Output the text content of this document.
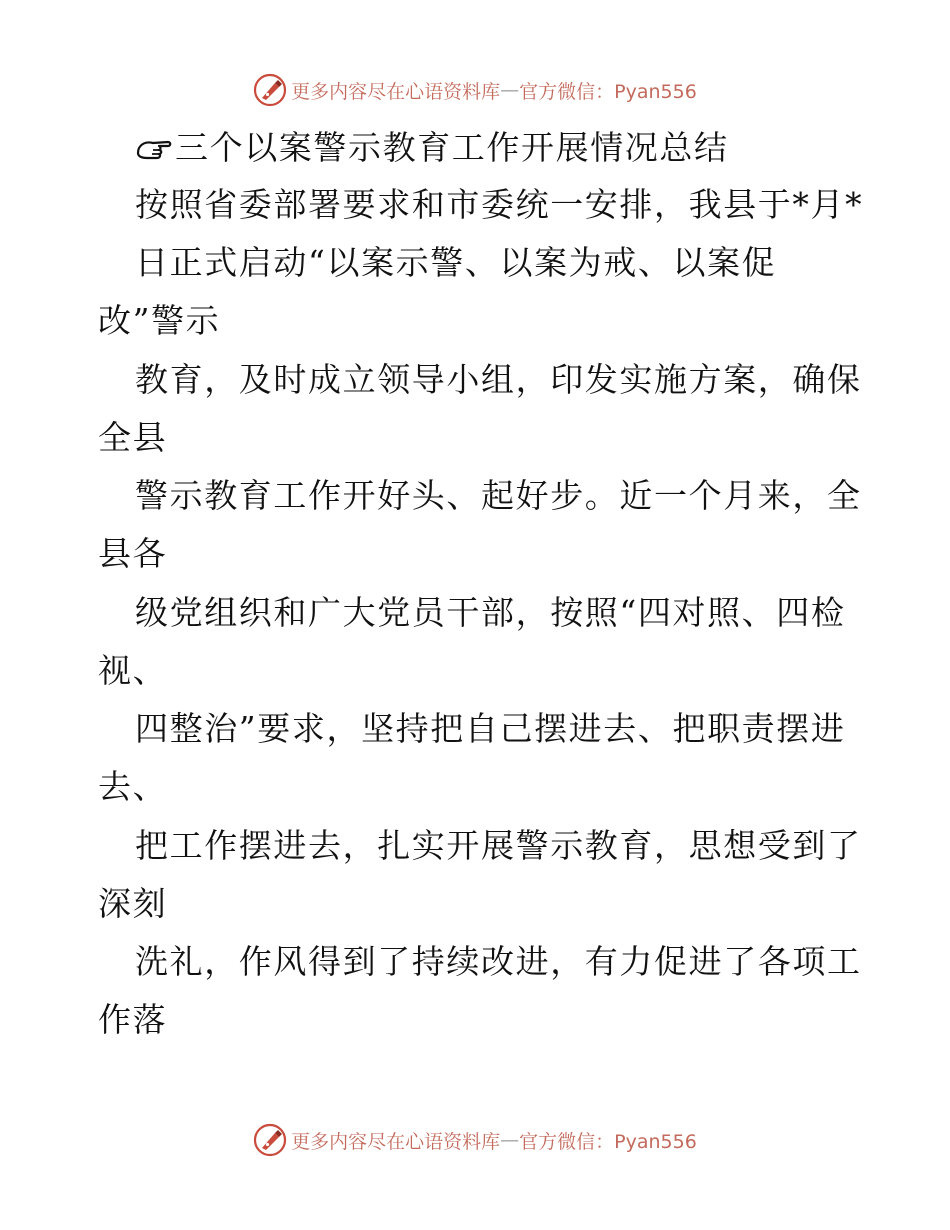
更多内容尽在心语资料库 — 官方微信：Pyan556
三个以案警示教育工作开展情况总结
按照省委部署要求和市委统一安排，我县于*月*
日正式启动“以案示警、以案为戒、以案促
改”警示
教育，及时成立领导小组，印发实施方案，确保
全县
警示教育工作开好头、起好步。近一个月来，全
县各
级党组织和广大党员干部，按照“四对照、四检
视、
四整治”要求，坚持把自己摆进去、把职责摆进
去、
把工作摆进去，扎实开展警示教育，思想受到了
深刻
洗礼，作风得到了持续改进，有力促进了各项工
作落
更多内容尽在心语资料库 — 官方微信：Pyan556
